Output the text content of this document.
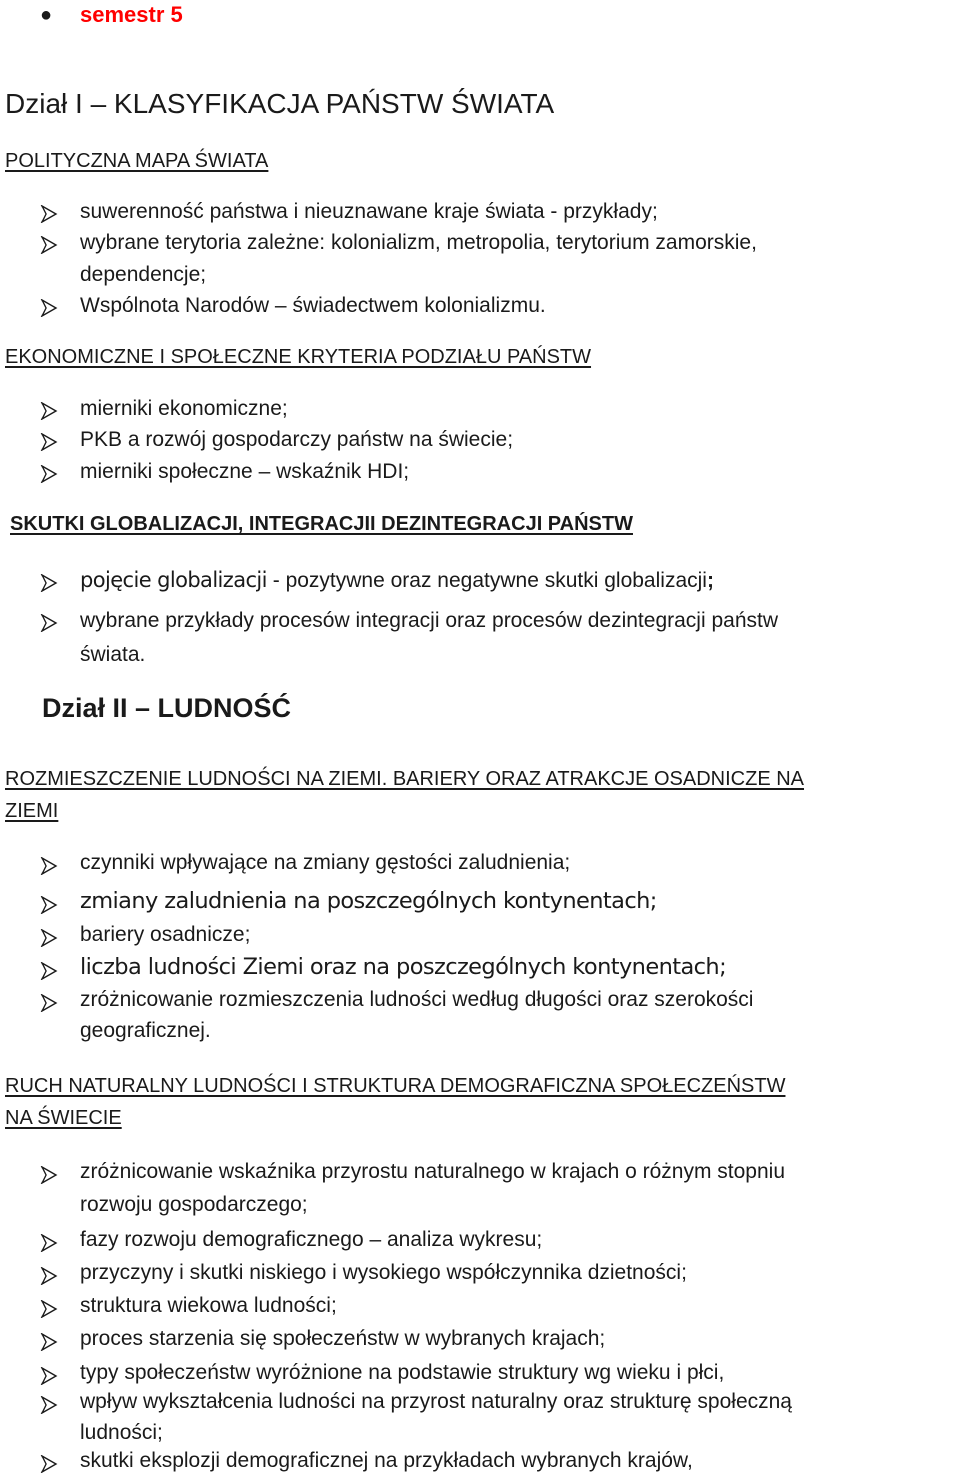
● semestr 5
Dział I – KLASYFIKACJA PAŃSTW ŚWIATA
POLITYCZNA MAPA ŚWIATA
suwerenność państwa i nieuznawane kraje świata - przykłady;
wybrane terytoria zależne: kolonializm, metropolia, terytorium zamorskie,
dependencje;
Wspólnota Narodów – świadectwem kolonializmu.
EKONOMICZNE I SPOŁECZNE KRYTERIA PODZIAŁU PAŃSTW
mierniki ekonomiczne;
PKB a rozwój gospodarczy państw na świecie;
mierniki społeczne – wskaźnik HDI;
SKUTKI GLOBALIZACJI, INTEGRACJII DEZINTEGRACJI PAŃSTW
pojęcie globalizacji - pozytywne oraz negatywne skutki globalizacji;
wybrane przykłady procesów integracji oraz procesów dezintegracji państw
świata.
Dział II – LUDNOŚĆ
ROZMIESZCZENIE LUDNOŚCI NA ZIEMI. BARIERY ORAZ ATRAKCJE OSADNICZE NA
ZIEMI
czynniki wpływające na zmiany gęstości zaludnienia;
zmiany zaludnienia na poszczególnych kontynentach;
bariery osadnicze;
liczba ludności Ziemi oraz na poszczególnych kontynentach;
zróżnicowanie rozmieszczenia ludności według długości oraz szerokości
geograficznej.
RUCH NATURALNY LUDNOŚCI I STRUKTURA DEMOGRAFICZNA SPOŁECZEŃSTW
NA ŚWIECIE
zróżnicowanie wskaźnika przyrostu naturalnego w krajach o różnym stopniu
rozwoju gospodarczego;
fazy rozwoju demograficznego – analiza wykresu;
przyczyny i skutki niskiego i wysokiego współczynnika dzietności;
struktura wiekowa ludności;
proces starzenia się społeczeństw w wybranych krajach;
typy społeczeństw wyróżnione na podstawie struktury wg wieku i płci,
wpływ wykształcenia ludności na przyrost naturalny oraz strukturę społeczną
ludności;
skutki eksplozji demograficznej na przykładach wybranych krajów,
